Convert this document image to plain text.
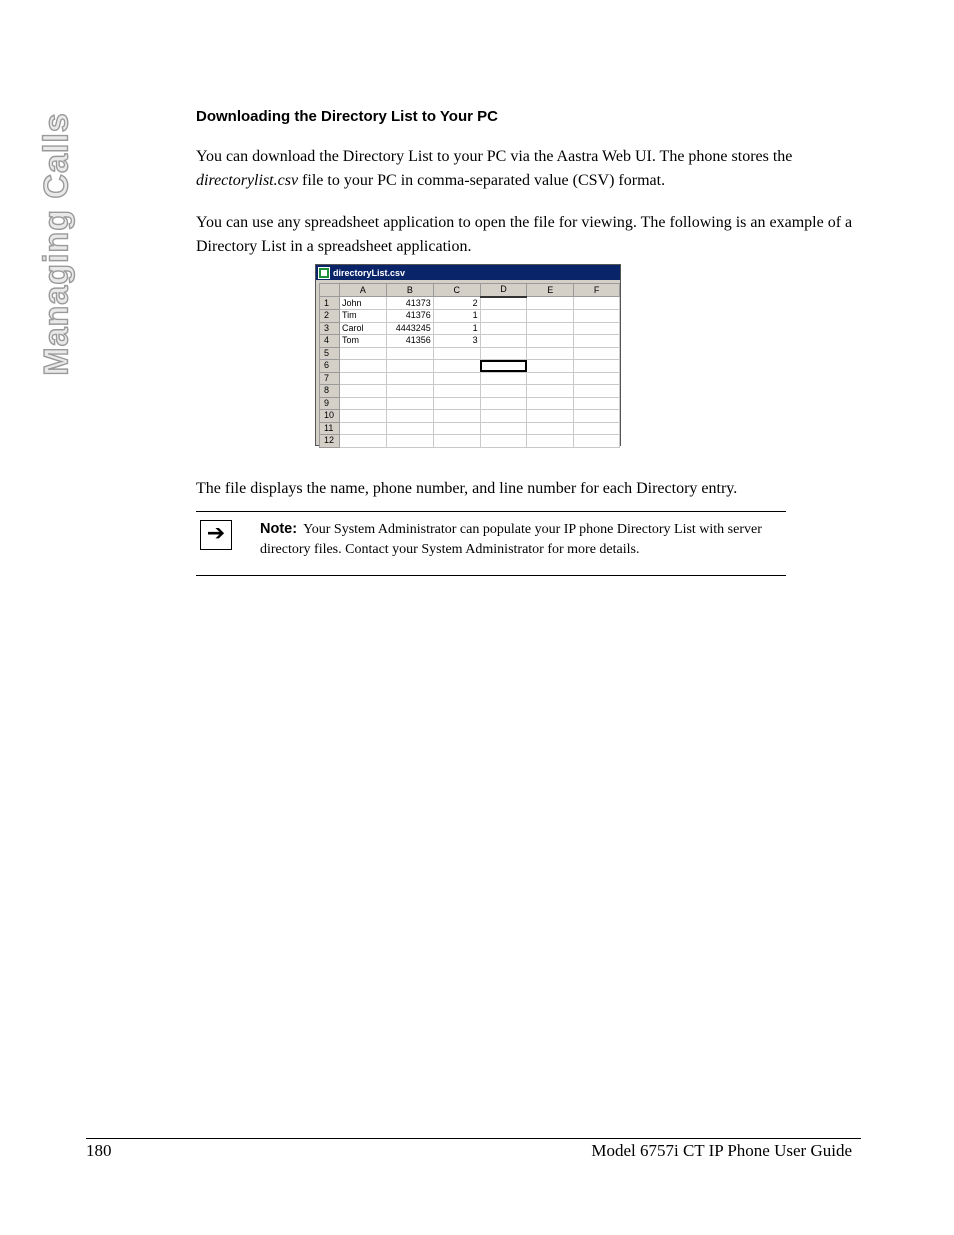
Managing Calls	Downloading the Directory List to Your PC

You can download the Directory List to your PC via the Aastra Web UI. The phone stores the directorylist.csv file to your PC in comma-separated value (CSV) format.

You can use any spreadsheet application to open the file for viewing. The following is an example of a Directory List in a spreadsheet application.

directoryList.csv
	A	B	C	D	E	F
1	John	41373	2			
2	Tim	41376	1			
3	Carol	4443245	1			
4	Tom	41356	3			
5						
6						
7						
8						
9						
10						
11						
12						

The file displays the name, phone number, and line number for each Directory entry.

➔	Note: Your System Administrator can populate your IP phone Directory List with server directory files. Contact your System Administrator for more details.
180	Model 6757i CT IP Phone User Guide
